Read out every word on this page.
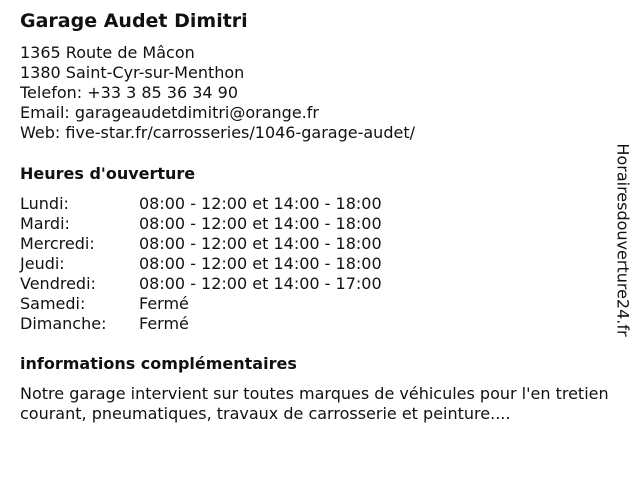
Garage Audet Dimitri
1365 Route de Mâcon
1380 Saint-Cyr-sur-Menthon
Telefon: +33 3 85 36 34 90
Email: garageaudetdimitri@orange.fr
Web: five-star.fr/carrosseries/1046-garage-audet/
Heures d'ouverture
Lundi:	08:00 - 12:00 et 14:00 - 18:00
Mardi:	08:00 - 12:00 et 14:00 - 18:00
Mercredi:	08:00 - 12:00 et 14:00 - 18:00
Jeudi:	08:00 - 12:00 et 14:00 - 18:00
Vendredi:	08:00 - 12:00 et 14:00 - 17:00
Samedi:	Fermé
Dimanche: Fermé
informations complémentaires

Notre garage intervient sur toutes marques de véhicules pour l'en tretien courant, pneumatiques, travaux de carrosserie et peinture....

Horairesdouverture24.fr
